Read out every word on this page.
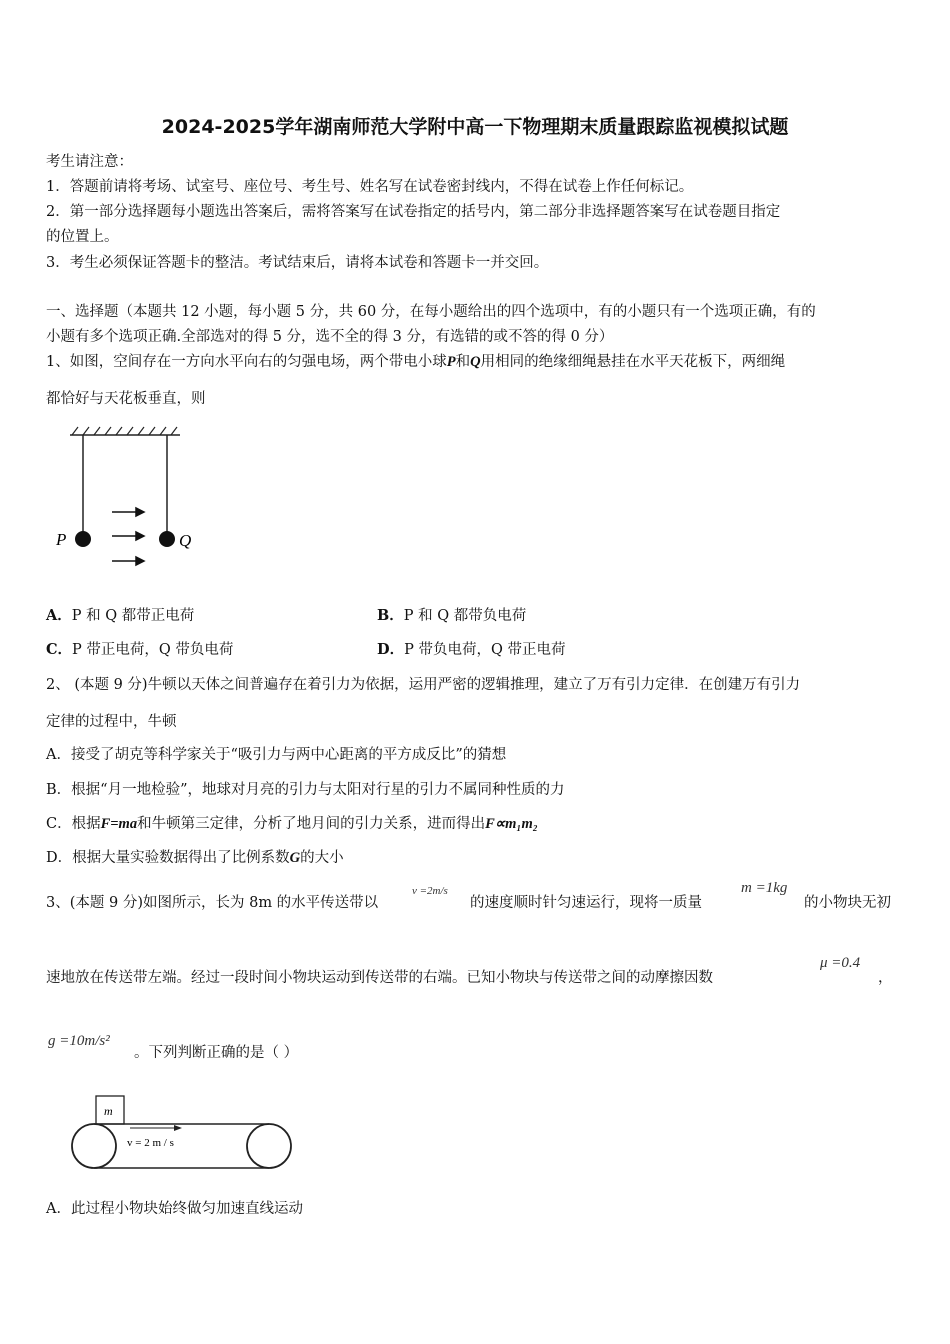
2024-2025学年湖南师范大学附中高一下物理期末质量跟踪监视模拟试题
考生请注意：
1．答题前请将考场、试室号、座位号、考生号、姓名写在试卷密封线内，不得在试卷上作任何标记。
2．第一部分选择题每小题选出答案后，需将答案写在试卷指定的括号内，第二部分非选择题答案写在试卷题目指定
的位置上。
3．考生必须保证答题卡的整洁。考试结束后，请将本试卷和答题卡一并交回。
一、选择题（本题共 12 小题，每小题 5 分，共 60 分，在每小题给出的四个选项中，有的小题只有一个选项正确，有的
小题有多个选项正确.全部选对的得 5 分，选不全的得 3 分，有选错的或不答的得 0 分）
1、如图，空间存在一方向水平向右的匀强电场，两个带电小球P和Q用相同的绝缘细绳悬挂在水平天花板下，两细绳
都恰好与天花板垂直，则
P	Q
A．P 和 Q 都带正电荷	B．P 和 Q 都带负电荷
C．P 带正电荷，Q 带负电荷	D．P 带负电荷，Q 带正电荷
2、 (本题 9 分)牛顿以天体之间普遍存在着引力为依据，运用严密的逻辑推理，建立了万有引力定律．在创建万有引力
定律的过程中，牛顿
A．接受了胡克等科学家关于“吸引力与两中心距离的平方成反比”的猜想
B．根据“月一地检验”，地球对月亮的引力与太阳对行星的引力不属同种性质的力
C．根据F=ma和牛顿第三定律，分析了地月间的引力关系，进而得出F∝m₁m₂
D．根据大量实验数据得出了比例系数G的大小
3、(本题 9 分)如图所示，长为 8m 的水平传送带以
v =2m/s
的速度顺时针匀速运行，现将一质量
m =1kg
的小物块无初
速地放在传送带左端。经过一段时间小物块运动到传送带的右端。已知小物块与传送带之间的动摩擦因数
μ =0.4
，
g =10m/s²
。下列判断正确的是（ ）
m
v = 2 m / s
A．此过程小物块始终做匀加速直线运动
